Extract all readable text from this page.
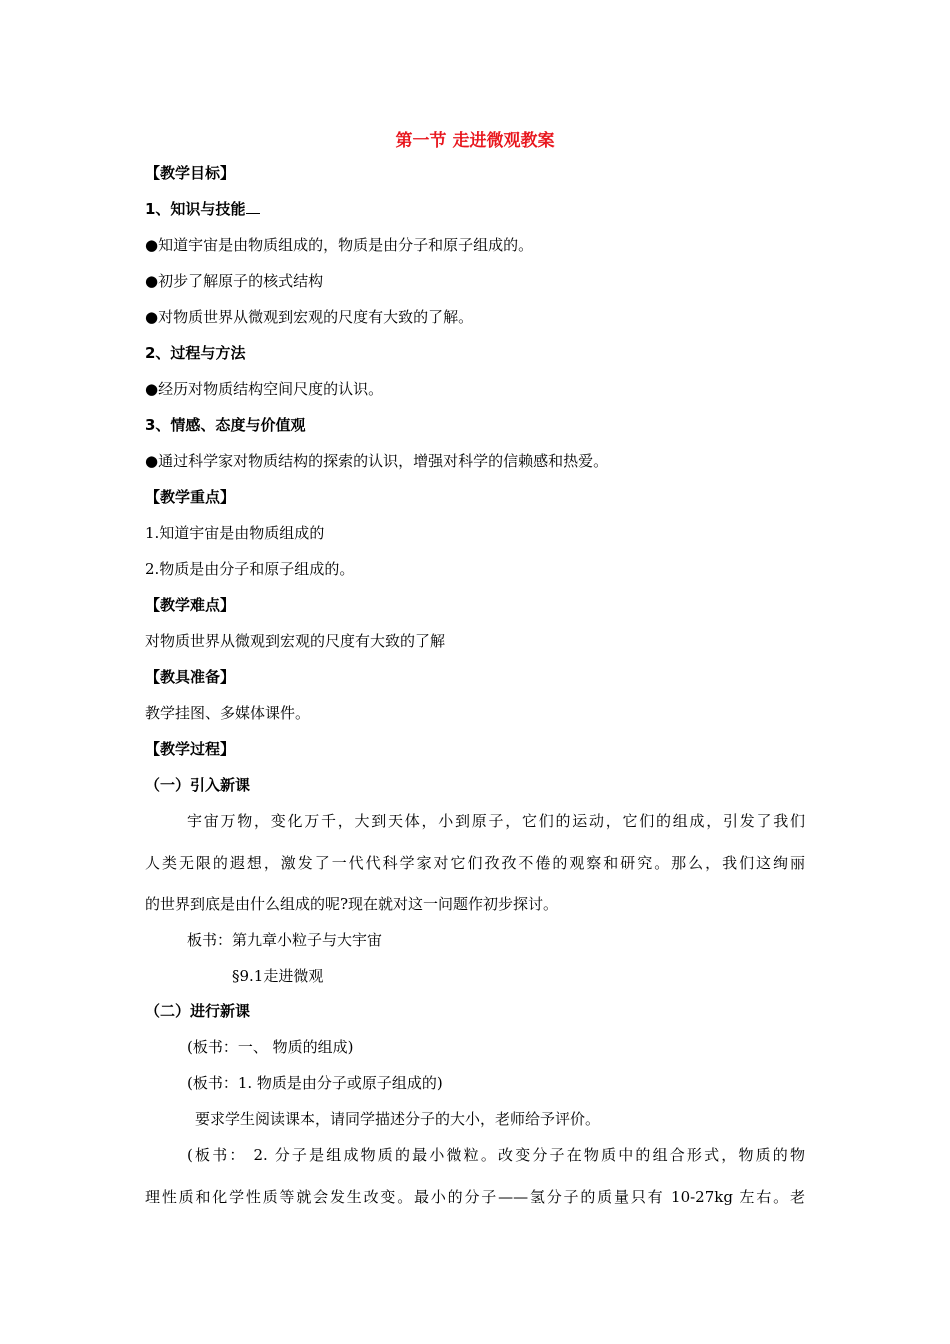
第一节 走进微观教案
【教学目标】
1、知识与技能
●知道宇宙是由物质组成的，物质是由分子和原子组成的。
●初步了解原子的核式结构
●对物质世界从微观到宏观的尺度有大致的了解。
2、过程与方法
●经历对物质结构空间尺度的认识。
3、情感、态度与价值观
●通过科学家对物质结构的探索的认识，增强对科学的信赖感和热爱。
【教学重点】
1.知道宇宙是由物质组成的
2.物质是由分子和原子组成的。
【教学难点】
对物质世界从微观到宏观的尺度有大致的了解
【教具准备】
教学挂图、多媒体课件。
【教学过程】
（一）引入新课
宇宙万物，变化万千，大到天体，小到原子，它们的运动，它们的组成，引发了我们
人类无限的遐想，激发了一代代科学家对它们孜孜不倦的观察和研究。那么，我们这绚丽
的世界到底是由什么组成的呢?现在就对这一问题作初步探讨。
板书：第九章小粒子与大宇宙
§9.1走进微观
（二）进行新课
(板书：一、 物质的组成)
(板书：1. 物质是由分子或原子组成的)
要求学生阅读课本，请同学描述分子的大小，老师给予评价。
(板书： 2. 分子是组成物质的最小微粒。改变分子在物质中的组合形式，物质的物
理性质和化学性质等就会发生改变。最小的分子——氢分子的质量只有 10-27kg 左右。老
